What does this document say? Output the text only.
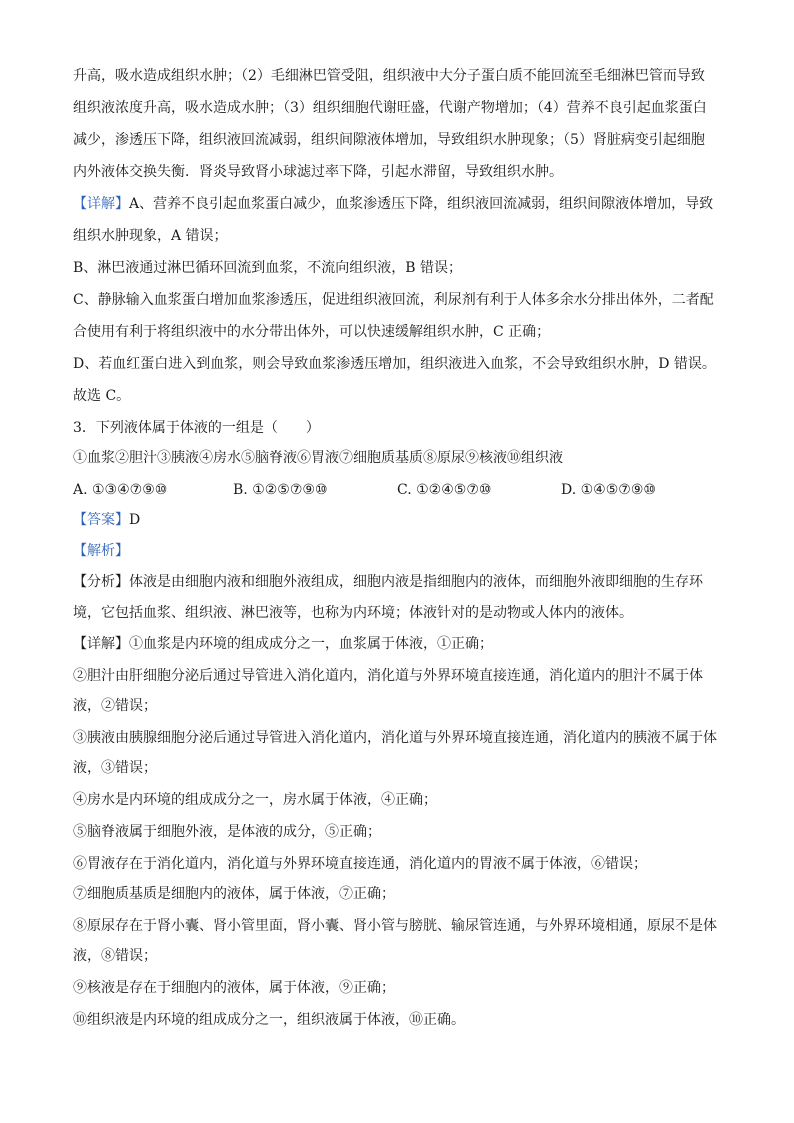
升高，吸水造成组织水肿；（2）毛细淋巴管受阻，组织液中大分子蛋白质不能回流至毛细淋巴管而导致
组织液浓度升高，吸水造成水肿；（3）组织细胞代谢旺盛，代谢产物增加；（4）营养不良引起血浆蛋白
减少，渗透压下降，组织液回流减弱，组织间隙液体增加，导致组织水肿现象；（5）肾脏病变引起细胞
内外液体交换失衡．肾炎导致肾小球滤过率下降，引起水滞留，导致组织水肿。
【详解】A、营养不良引起血浆蛋白减少，血浆渗透压下降，组织液回流减弱，组织间隙液体增加，导致
组织水肿现象，A 错误；
B、淋巴液通过淋巴循环回流到血浆，不流向组织液，B 错误；
C、静脉输入血浆蛋白增加血浆渗透压，促进组织液回流，利尿剂有利于人体多余水分排出体外，二者配
合使用有利于将组织液中的水分带出体外，可以快速缓解组织水肿，C 正确；
D、若血红蛋白进入到血浆，则会导致血浆渗透压增加，组织液进入血浆，不会导致组织水肿，D 错误。
故选 C。
3．下列液体属于体液的一组是（　　）
①血浆②胆汁③胰液④房水⑤脑脊液⑥胃液⑦细胞质基质⑧原尿⑨核液⑩组织液
A. ①③④⑦⑨⑩	B. ①②⑤⑦⑨⑩	C. ①②④⑤⑦⑩	D. ①④⑤⑦⑨⑩
【答案】D
【解析】
【分析】体液是由细胞内液和细胞外液组成，细胞内液是指细胞内的液体，而细胞外液即细胞的生存环
境，它包括血浆、组织液、淋巴液等，也称为内环境；体液针对的是动物或人体内的液体。
【详解】①血浆是内环境的组成成分之一，血浆属于体液，①正确；
②胆汁由肝细胞分泌后通过导管进入消化道内，消化道与外界环境直接连通，消化道内的胆汁不属于体
液，②错误；
③胰液由胰腺细胞分泌后通过导管进入消化道内，消化道与外界环境直接连通，消化道内的胰液不属于体
液，③错误；
④房水是内环境的组成成分之一，房水属于体液，④正确；
⑤脑脊液属于细胞外液，是体液的成分，⑤正确；
⑥胃液存在于消化道内，消化道与外界环境直接连通，消化道内的胃液不属于体液，⑥错误；
⑦细胞质基质是细胞内的液体，属于体液，⑦正确；
⑧原尿存在于肾小囊、肾小管里面，肾小囊、肾小管与膀胱、输尿管连通，与外界环境相通，原尿不是体
液，⑧错误；
⑨核液是存在于细胞内的液体，属于体液，⑨正确；
⑩组织液是内环境的组成成分之一，组织液属于体液，⑩正确。
